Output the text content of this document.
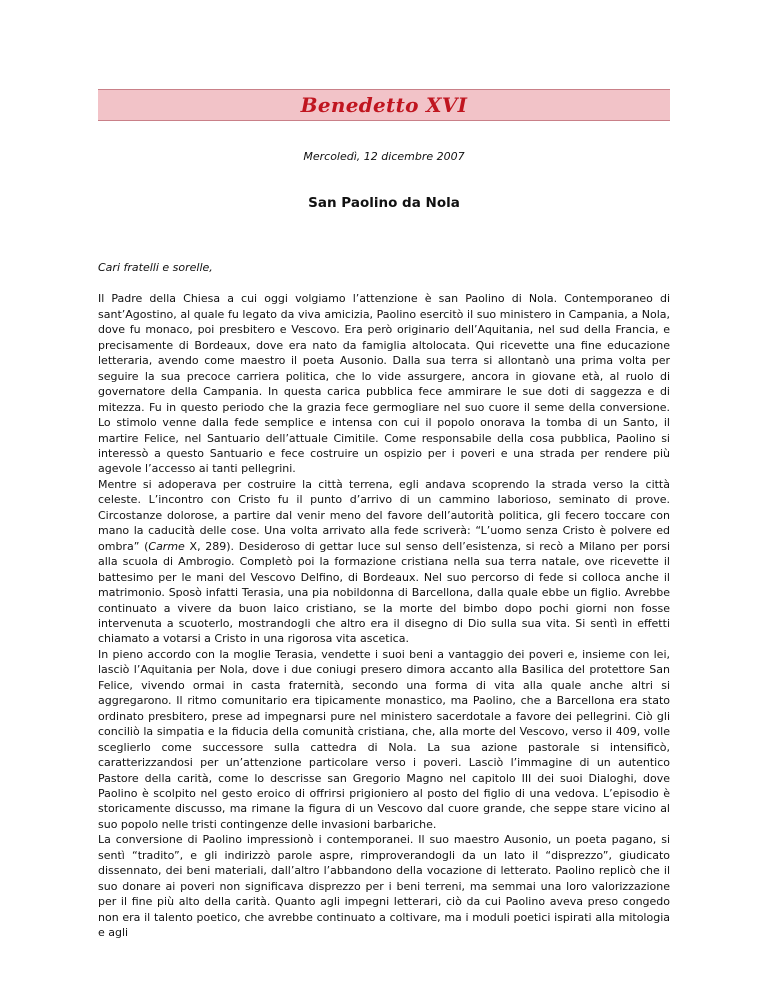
Benedetto XVI
Mercoledì, 12 dicembre 2007
San Paolino da Nola

Cari fratelli e sorelle,

Il Padre della Chiesa a cui oggi volgiamo l’attenzione è san Paolino di Nola. Contemporaneo di sant’Agostino, al quale fu legato da viva amicizia, Paolino esercitò il suo ministero in Campania, a Nola, dove fu monaco, poi presbitero e Vescovo. Era però originario dell’Aquitania, nel sud della Francia, e precisamente di Bordeaux, dove era nato da famiglia altolocata. Qui ricevette una fine educazione letteraria, avendo come maestro il poeta Ausonio. Dalla sua terra si allontanò una prima volta per seguire la sua precoce carriera politica, che lo vide assurgere, ancora in giovane età, al ruolo di governatore della Campania. In questa carica pubblica fece ammirare le sue doti di saggezza e di mitezza. Fu in questo periodo che la grazia fece germogliare nel suo cuore il seme della conversione. Lo stimolo venne dalla fede semplice e intensa con cui il popolo onorava la tomba di un Santo, il martire Felice, nel Santuario dell’attuale Cimitile. Come responsabile della cosa pubblica, Paolino si interessò a questo Santuario e fece costruire un ospizio per i poveri e una strada per rendere più agevole l’accesso ai tanti pellegrini.

Mentre si adoperava per costruire la città terrena, egli andava scoprendo la strada verso la città celeste. L’incontro con Cristo fu il punto d’arrivo di un cammino laborioso, seminato di prove. Circostanze dolorose, a partire dal venir meno del favore dell’autorità politica, gli fecero toccare con mano la caducità delle cose. Una volta arrivato alla fede scriverà: “L’uomo senza Cristo è polvere ed ombra” (Carme X, 289). Desideroso di gettar luce sul senso dell’esistenza, si recò a Milano per porsi alla scuola di Ambrogio. Completò poi la formazione cristiana nella sua terra natale, ove ricevette il battesimo per le mani del Vescovo Delfino, di Bordeaux. Nel suo percorso di fede si colloca anche il matrimonio. Sposò infatti Terasia, una pia nobildonna di Barcellona, dalla quale ebbe un figlio. Avrebbe continuato a vivere da buon laico cristiano, se la morte del bimbo dopo pochi giorni non fosse intervenuta a scuoterlo, mostrandogli che altro era il disegno di Dio sulla sua vita. Si sentì in effetti chiamato a votarsi a Cristo in una rigorosa vita ascetica.

In pieno accordo con la moglie Terasia, vendette i suoi beni a vantaggio dei poveri e, insieme con lei, lasciò l’Aquitania per Nola, dove i due coniugi presero dimora accanto alla Basilica del protettore San Felice, vivendo ormai in casta fraternità, secondo una forma di vita alla quale anche altri si aggregarono. Il ritmo comunitario era tipicamente monastico, ma Paolino, che a Barcellona era stato ordinato presbitero, prese ad impegnarsi pure nel ministero sacerdotale a favore dei pellegrini. Ciò gli conciliò la simpatia e la fiducia della comunità cristiana, che, alla morte del Vescovo, verso il 409, volle sceglierlo come successore sulla cattedra di Nola. La sua azione pastorale si intensificò, caratterizzandosi per un’attenzione particolare verso i poveri. Lasciò l’immagine di un autentico Pastore della carità, come lo descrisse san Gregorio Magno nel capitolo III dei suoi Dialoghi, dove Paolino è scolpito nel gesto eroico di offrirsi prigioniero al posto del figlio di una vedova. L’episodio è storicamente discusso, ma rimane la figura di un Vescovo dal cuore grande, che seppe stare vicino al suo popolo nelle tristi contingenze delle invasioni barbariche.

La conversione di Paolino impressionò i contemporanei. Il suo maestro Ausonio, un poeta pagano, si sentì “tradito”, e gli indirizzò parole aspre, rimproverandogli da un lato il “disprezzo”, giudicato dissennato, dei beni materiali, dall’altro l’abbandono della vocazione di letterato. Paolino replicò che il suo donare ai poveri non significava disprezzo per i beni terreni, ma semmai una loro valorizzazione per il fine più alto della carità. Quanto agli impegni letterari, ciò da cui Paolino aveva preso congedo non era il talento poetico, che avrebbe continuato a coltivare, ma i moduli poetici ispirati alla mitologia e agli
